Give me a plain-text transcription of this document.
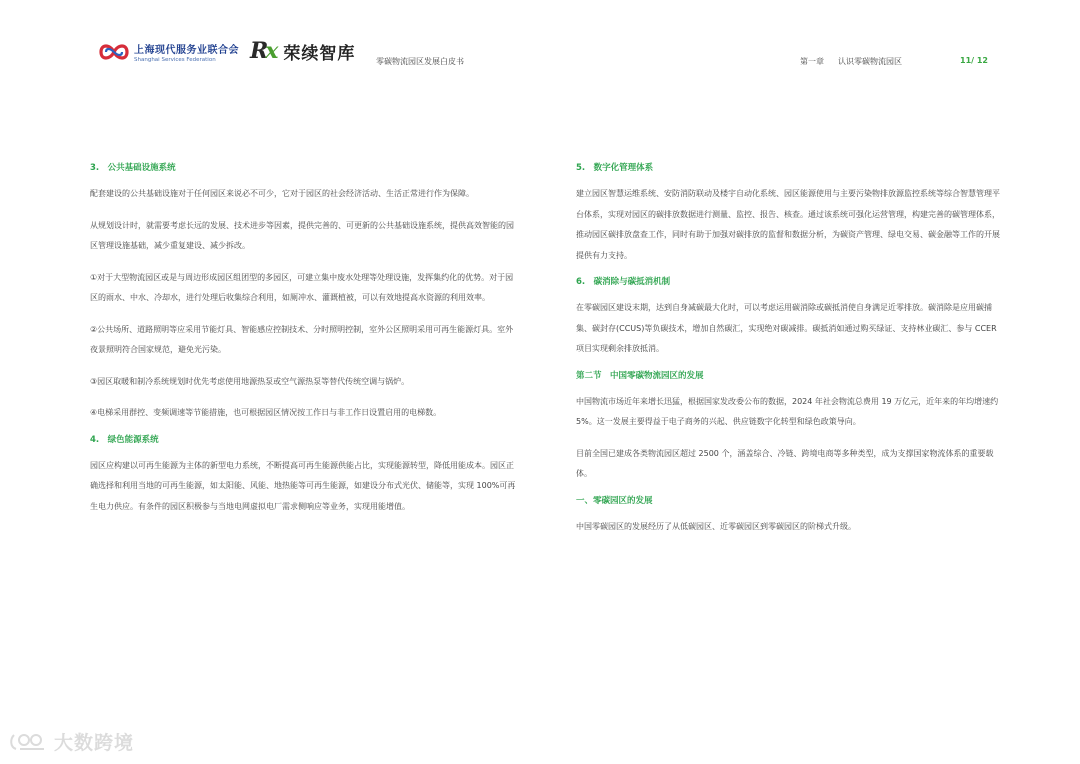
上海现代服务业联合会
Shanghai Services Federation	Rx 荣续智库	零碳物流园区发展白皮书	第一章 认识零碳物流园区	11/ 12
3.　公共基础设施系统

配套建设的公共基础设施对于任何园区来说必不可少，它对于园区的社会经济活动、生活正常进行作为保障。

从规划设计时，就需要考虑长远的发展、技术进步等因素，提供完善的、可更新的公共基础设施系统，提供高效智能的园区管理设施基础，减少重复建设、减少拆改。

①对于大型物流园区或是与周边形成园区组团型的多园区，可建立集中废水处理等处理设施，发挥集约化的优势。对于园区的雨水、中水、冷却水，进行处理后收集综合利用，如厕冲水、灌溉植被，可以有效地提高水资源的利用效率。

②公共场所、道路照明等应采用节能灯具、智能感应控制技术、分时照明控制，室外公区照明采用可再生能源灯具。室外夜景照明符合国家规范，避免光污染。

③园区取暖和制冷系统规划时优先考虑使用地源热泵或空气源热泵等替代传统空调与锅炉。

④电梯采用群控、变频调速等节能措施，也可根据园区情况按工作日与非工作日设置启用的电梯数。

4.　绿色能源系统

园区应构建以可再生能源为主体的新型电力系统，不断提高可再生能源供能占比，实现能源转型，降低用能成本。园区正确选择和利用当地的可再生能源，如太阳能、风能、地热能等可再生能源，如建设分布式光伏、储能等，实现 100%可再生电力供应。有条件的园区积极参与当地电网虚拟电厂需求侧响应等业务，实现用能增值。

5.　数字化管理体系

建立园区智慧运维系统、安防消防联动及楼宇自动化系统、园区能源使用与主要污染物排放源监控系统等综合智慧管理平台体系，实现对园区的碳排放数据进行测量、监控、报告、核查。通过该系统可强化运营管理，构建完善的碳管理体系，推动园区碳排放盘查工作，同时有助于加强对碳排放的监督和数据分析，为碳资产管理、绿电交易、碳金融等工作的开展提供有力支持。

6.　碳消除与碳抵消机制

在零碳园区建设末期，达到自身减碳最大化时，可以考虑运用碳消除或碳抵消使自身满足近零排放。碳消除是应用碳捕集、碳封存(CCUS)等负碳技术，增加自然碳汇，实现绝对碳减排。碳抵消如通过购买绿证、支持林业碳汇、参与 CCER 项目实现剩余排放抵消。

第二节　中国零碳物流园区的发展

中国物流市场近年来增长迅猛，根据国家发改委公布的数据，2024 年社会物流总费用 19 万亿元，近年来的年均增速约 5%。这一发展主要得益于电子商务的兴起、供应链数字化转型和绿色政策导向。

目前全国已建成各类物流园区超过 2500 个，涵盖综合、冷链、跨境电商等多种类型，成为支撑国家物流体系的重要载体。

一、零碳园区的发展

中国零碳园区的发展经历了从低碳园区、近零碳园区到零碳园区的阶梯式升级。

大数跨境
